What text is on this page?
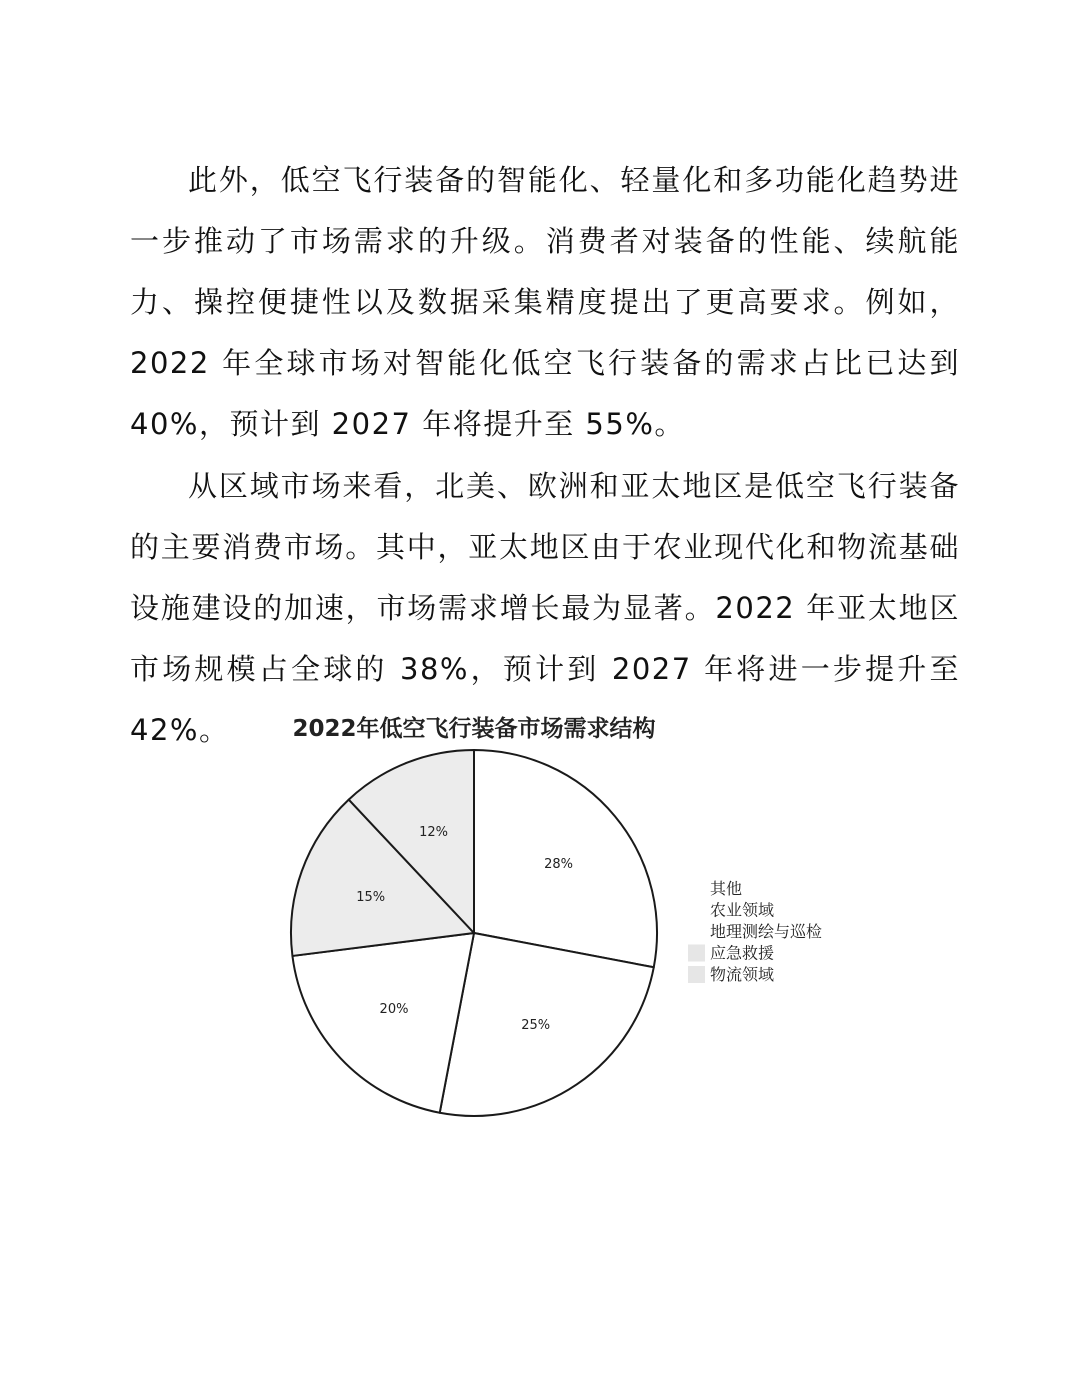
此外，低空飞行装备的智能化、轻量化和多功能化趋势进一步推动了市场需求的升级。消费者对装备的性能、续航能力、操控便捷性以及数据采集精度提出了更高要求。例如，2022 年全球市场对智能化低空飞行装备的需求占比已达到 40%，预计到 2027 年将提升至 55%。

从区域市场来看，北美、欧洲和亚太地区是低空飞行装备的主要消费市场。其中，亚太地区由于农业现代化和物流基础设施建设的加速，市场需求增长最为显著。2022 年亚太地区市场规模占全球的 38%，预计到 2027 年将进一步提升至 42%。	2022年低空飞行装备市场需求结构
28%
25%
20%
15%
12%
其他
农业领域
地理测绘与巡检
应急救援
物流领域
